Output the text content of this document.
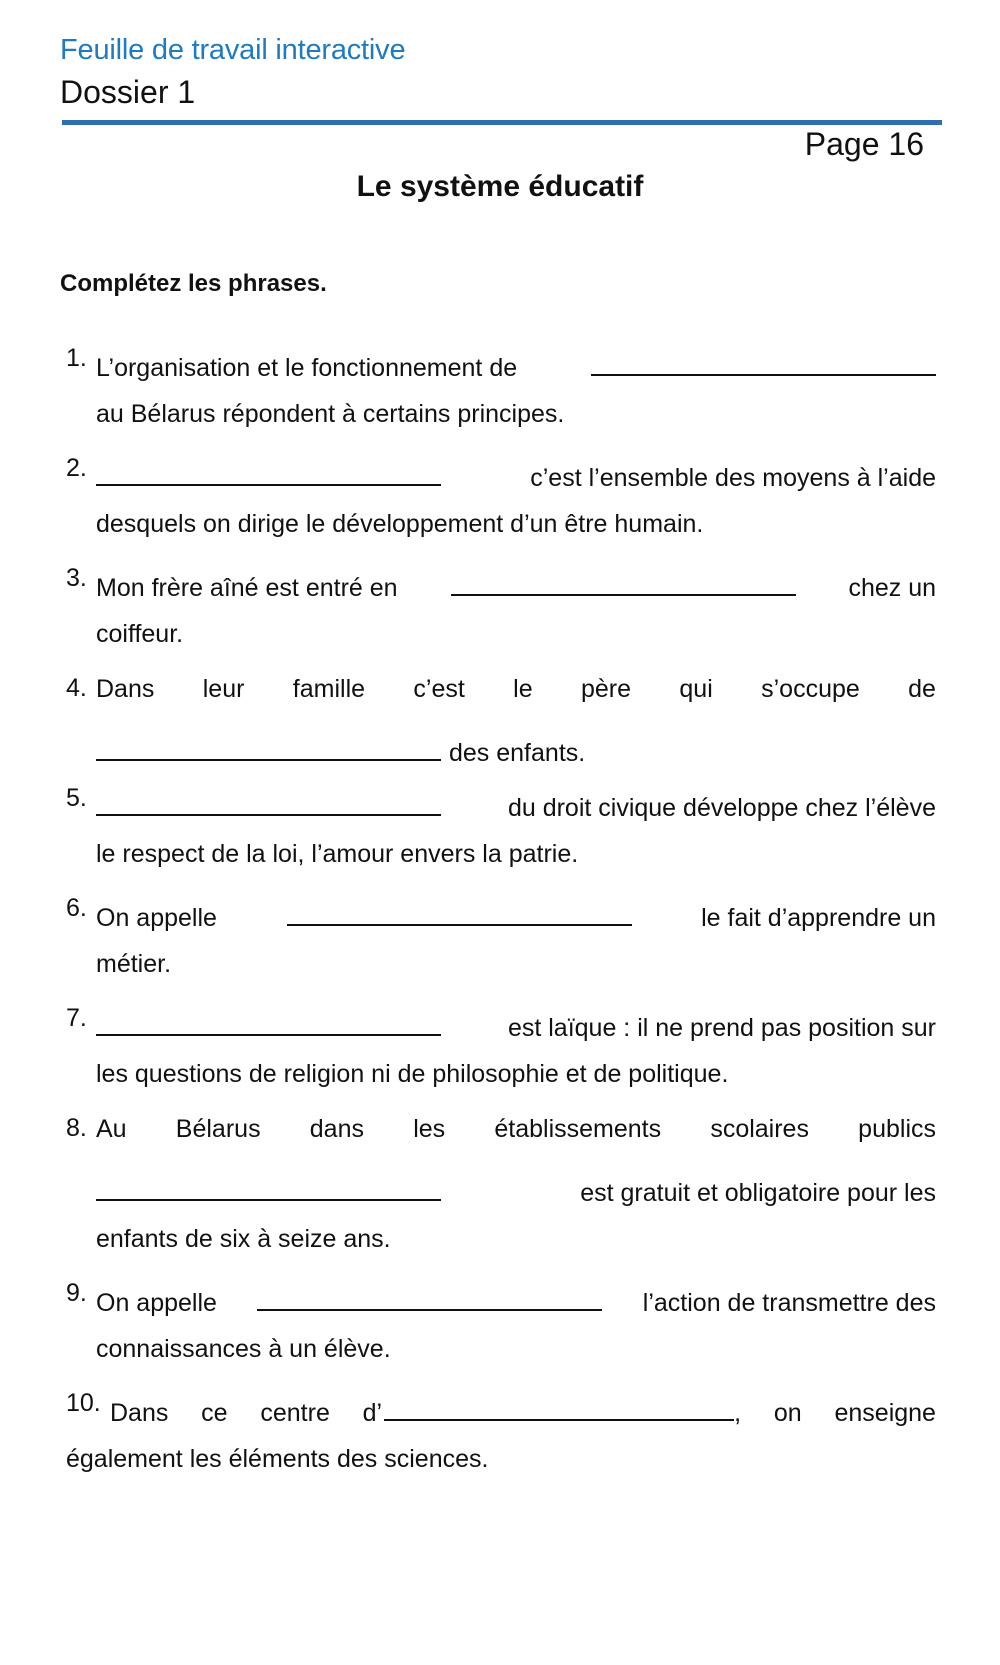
Feuille de travail interactive
Dossier 1
Page 16
Le système éducatif
Complétez les phrases.
1. L’organisation et le fonctionnement de
au Bélarus répondent à certains principes.
2.	c’est l’ensemble des moyens à l’aide
desquels on dirige le développement d’un être humain.
3. Mon frère aîné est entré en	chez un
coiffeur.
4. Dans leur famille c’est le père qui s’occupe de
des enfants.
5.	du droit civique développe chez l’élève
le respect de la loi, l’amour envers la patrie.
6. On appelle	le fait d’apprendre un
métier.
7.	est laïque : il ne prend pas position sur
les questions de religion ni de philosophie et de politique.
8. Au Bélarus dans les établissements scolaires publics
est gratuit et obligatoire pour les
enfants de six à seize ans.
9. On appelle	l’action de transmettre des
connaissances à un élève.
10. Dans ce centre d’	, on enseigne
également les éléments des sciences.
